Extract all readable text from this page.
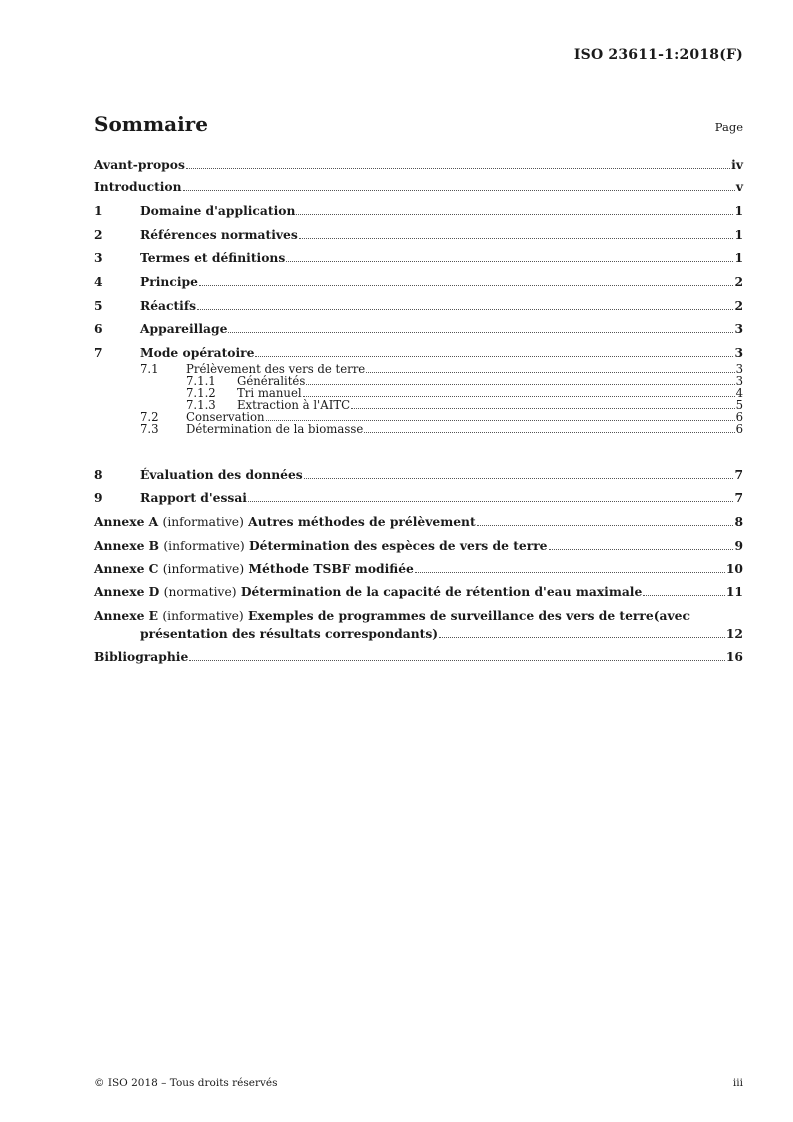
ISO 23611-1:2018(F)
Sommaire	Page
Avant-propos	iv
Introduction	v
1	Domaine d'application	1
2	Références normatives	1
3	Termes et définitions	1
4	Principe	2
5	Réactifs	2
6	Appareillage	3
7	Mode opératoire	3
7.1 Prélèvement des vers de terre	3
7.1.1 Généralités	3
7.1.2 Tri manuel	4
7.1.3 Extraction à l'AITC	5
7.2 Conservation	6
7.3 Détermination de la biomasse	6
8	Évaluation des données	7
9	Rapport d'essai	7
Annexe A (informative) Autres méthodes de prélèvement	8
Annexe B (informative) Détermination des espèces de vers de terre	9
Annexe C (informative) Méthode TSBF modifiée	10
Annexe D (normative) Détermination de la capacité de rétention d'eau maximale	11
Annexe E (informative) Exemples de programmes de surveillance des vers de terre(avec
présentation des résultats correspondants)	12
Bibliographie	16
© ISO 2018 – Tous droits réservés	iii
